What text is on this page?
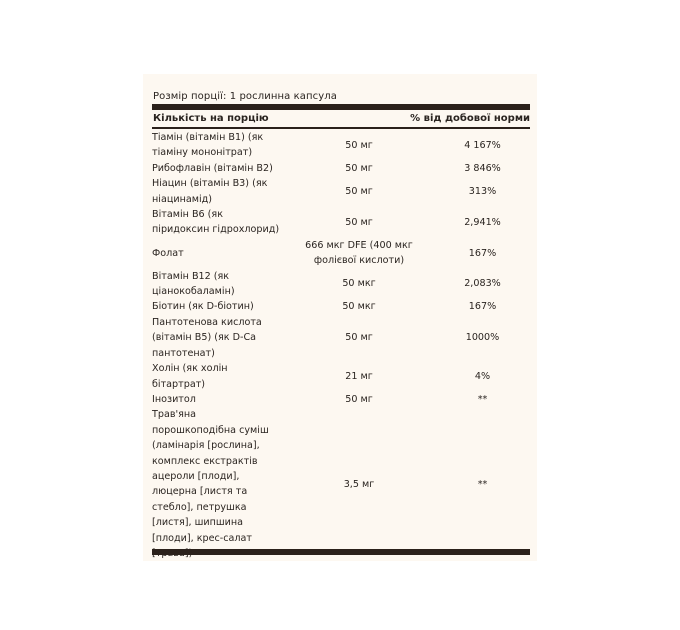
Розмір порції: 1 рослинна капсула
Кількість на порцію	% від добової норми
Тіамін (вітамін B1) (як тіаміну мононітрат)	50 мг	4 167%
Рибофлавін (вітамін B2)	50 мг	3 846%
Ніацин (вітамін B3) (як ніацинамід)	50 мг	313%
Вітамін B6 (як піридоксин гідрохлорид)	50 мг	2,941%
Фолат	666 мкг DFE (400 мкг фолієвої кислоти)	167%
Вітамін B12 (як ціанокобаламін)	50 мкг	2,083%
Біотин (як D-біотин)	50 мкг	167%
Пантотенова кислота (вітамін B5) (як D-Ca пантотенат)	50 мг	1000%
Холін (як холін бітартрат)	21 мг	4%
Інозитол	50 мг	**
Трав'яна порошкоподібна суміш (ламінарія [рослина], комплекс екстрактів ацероли [плоди], люцерна [листя та стебло], петрушка [листя], шипшина [плоди], крес-салат	3,5 мг	**
